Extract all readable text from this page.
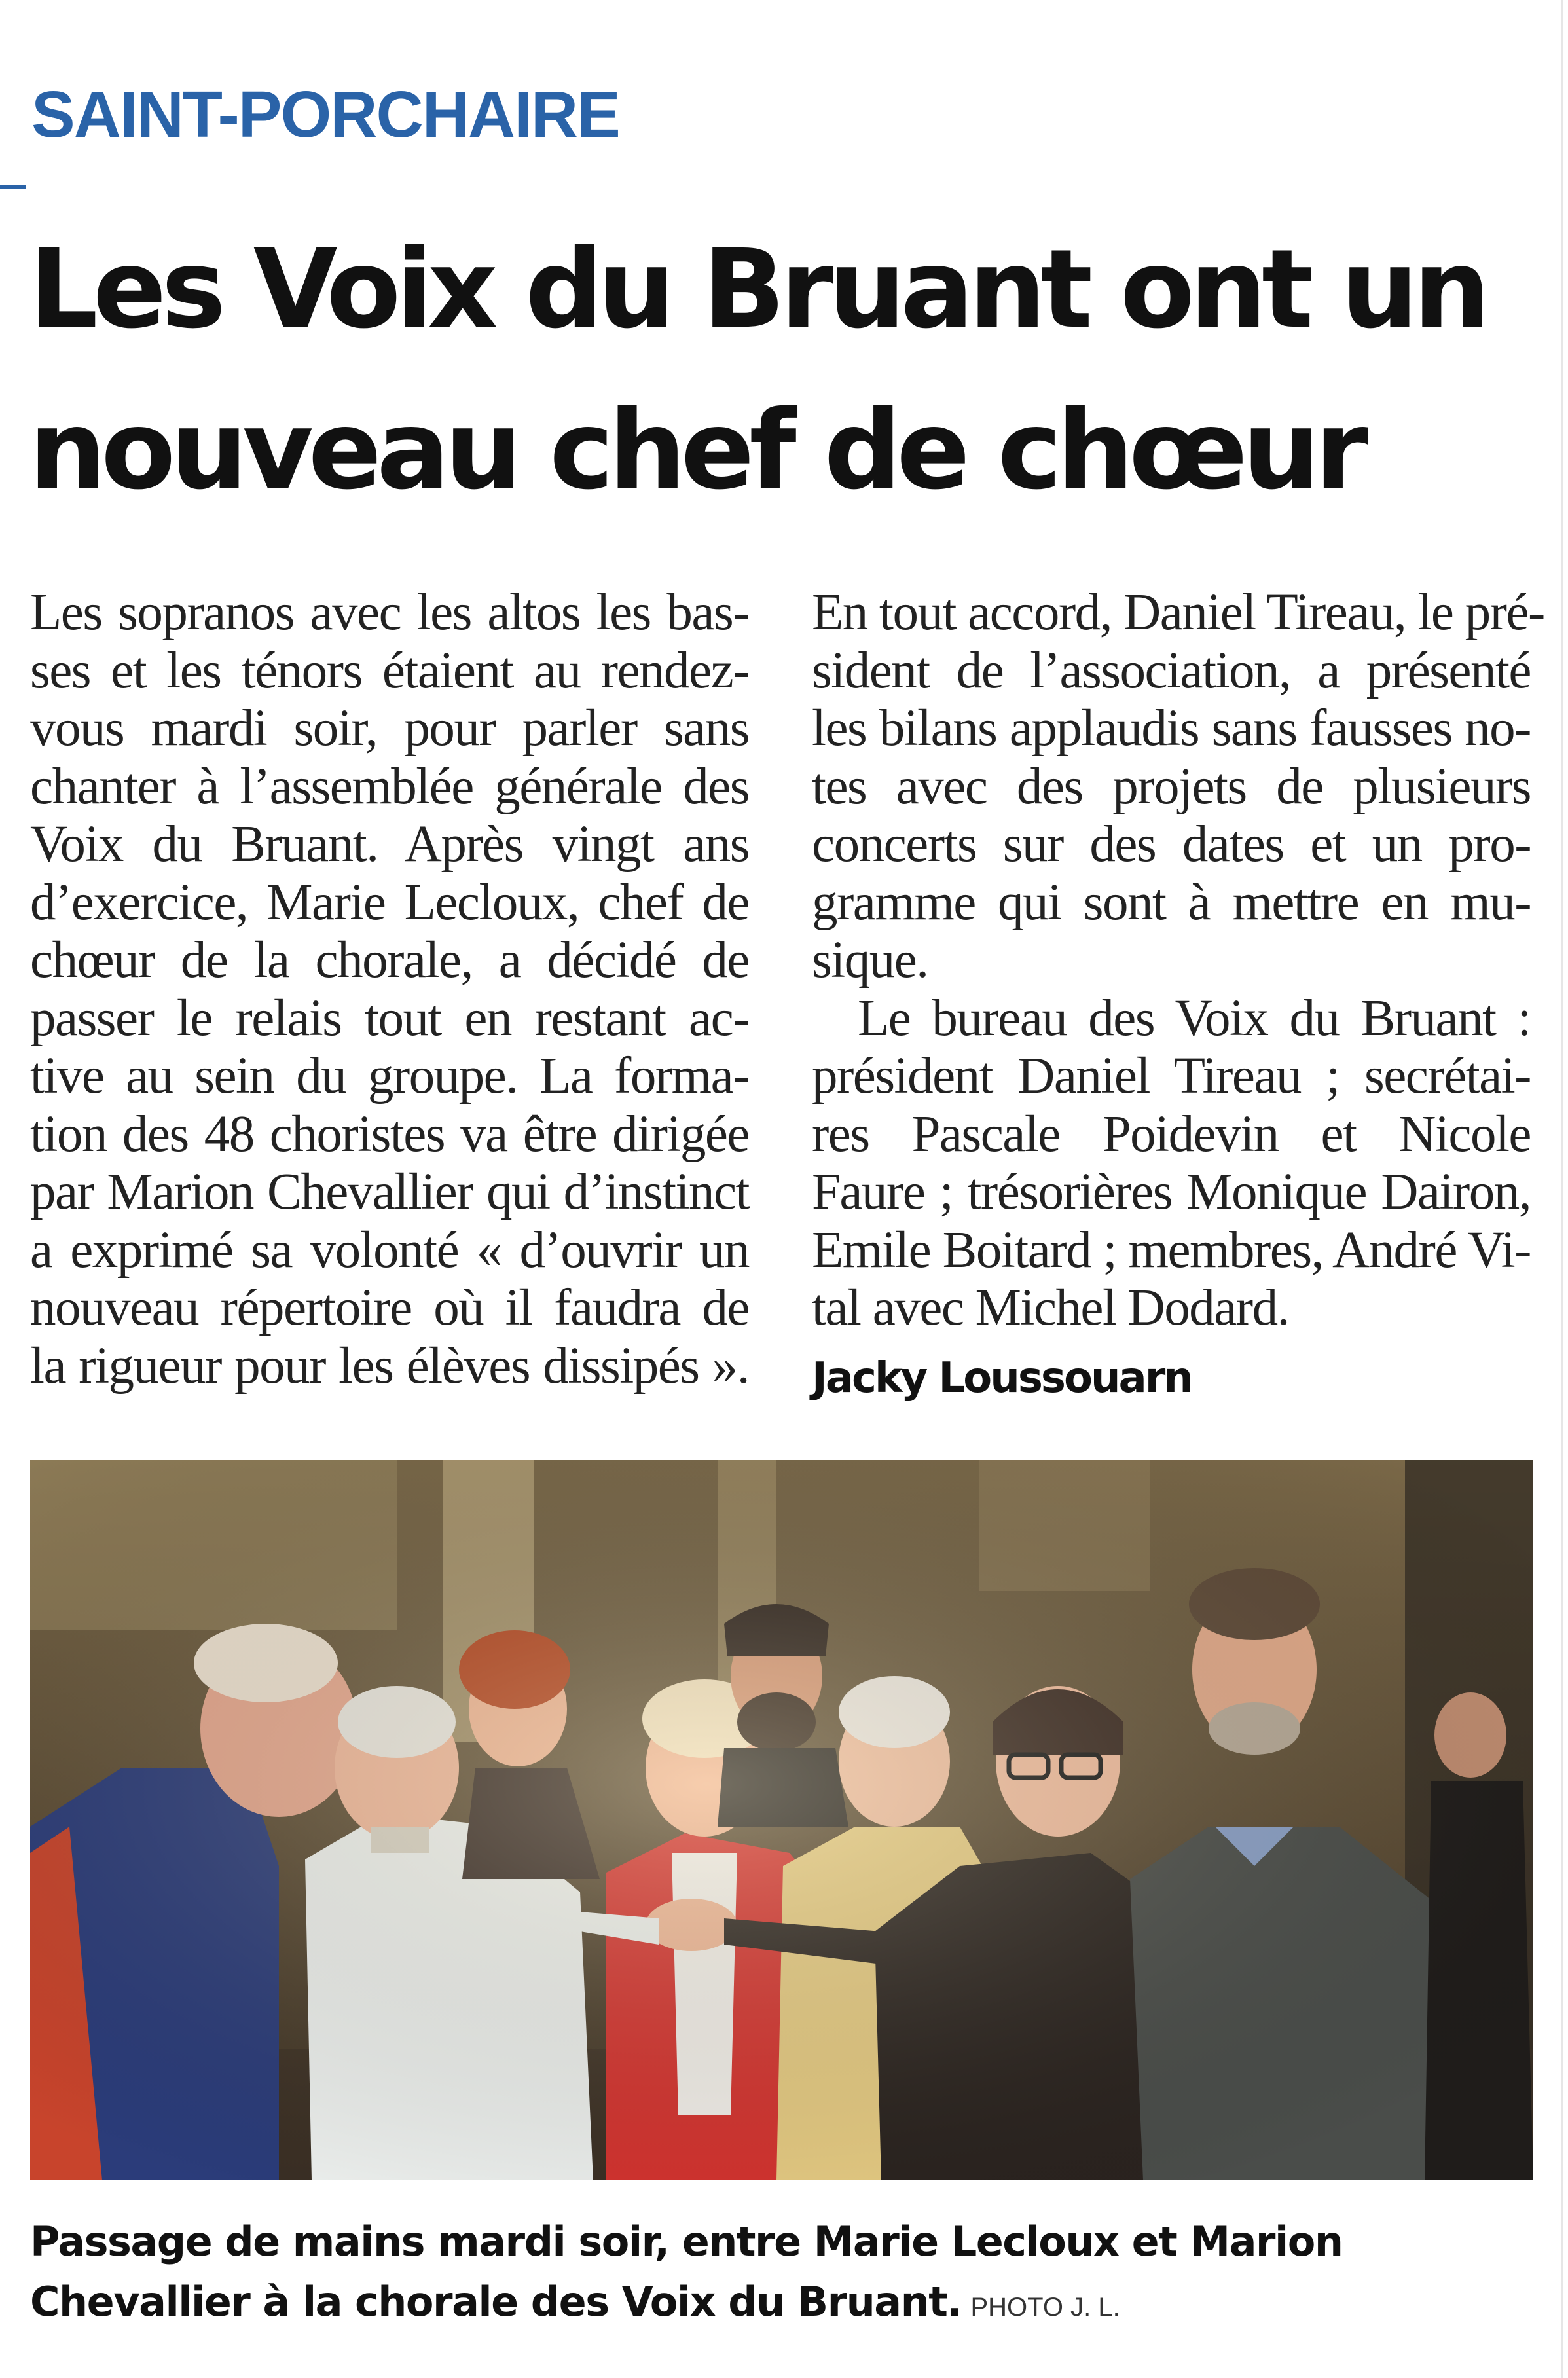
SAINT-PORCHAIRE
Les Voix du Bruant ont un
nouveau chef de chœur

Les sopranos avec les altos les bas-
ses et les ténors étaient au rendez-
vous mardi soir, pour parler sans
chanter à l’assemblée générale des
Voix du Bruant. Après vingt ans
d’exercice, Marie Lecloux, chef de
chœur de la chorale, a décidé de
passer le relais tout en restant ac-
tive au sein du groupe. La forma-
tion des 48 choristes va être dirigée
par Marion Chevallier qui d’instinct
a exprimé sa volonté « d’ouvrir un
nouveau répertoire où il faudra de
la rigueur pour les élèves dissipés ».

En tout accord, Daniel Tireau, le pré-
sident de l’association, a présenté
les bilans applaudis sans fausses no-
tes avec des projets de plusieurs
concerts sur des dates et un pro-
gramme qui sont à mettre en mu-
sique.

Le bureau des Voix du Bruant :
président Daniel Tireau ; secrétai-
res Pascale Poidevin et Nicole
Faure ; trésorières Monique Dairon,
Emile Boitard ; membres, André Vi-
tal avec Michel Dodard.

Jacky Loussouarn
Passage de mains mardi soir, entre Marie Lecloux et Marion
Chevallier à la chorale des Voix du Bruant. PHOTO J. L.
